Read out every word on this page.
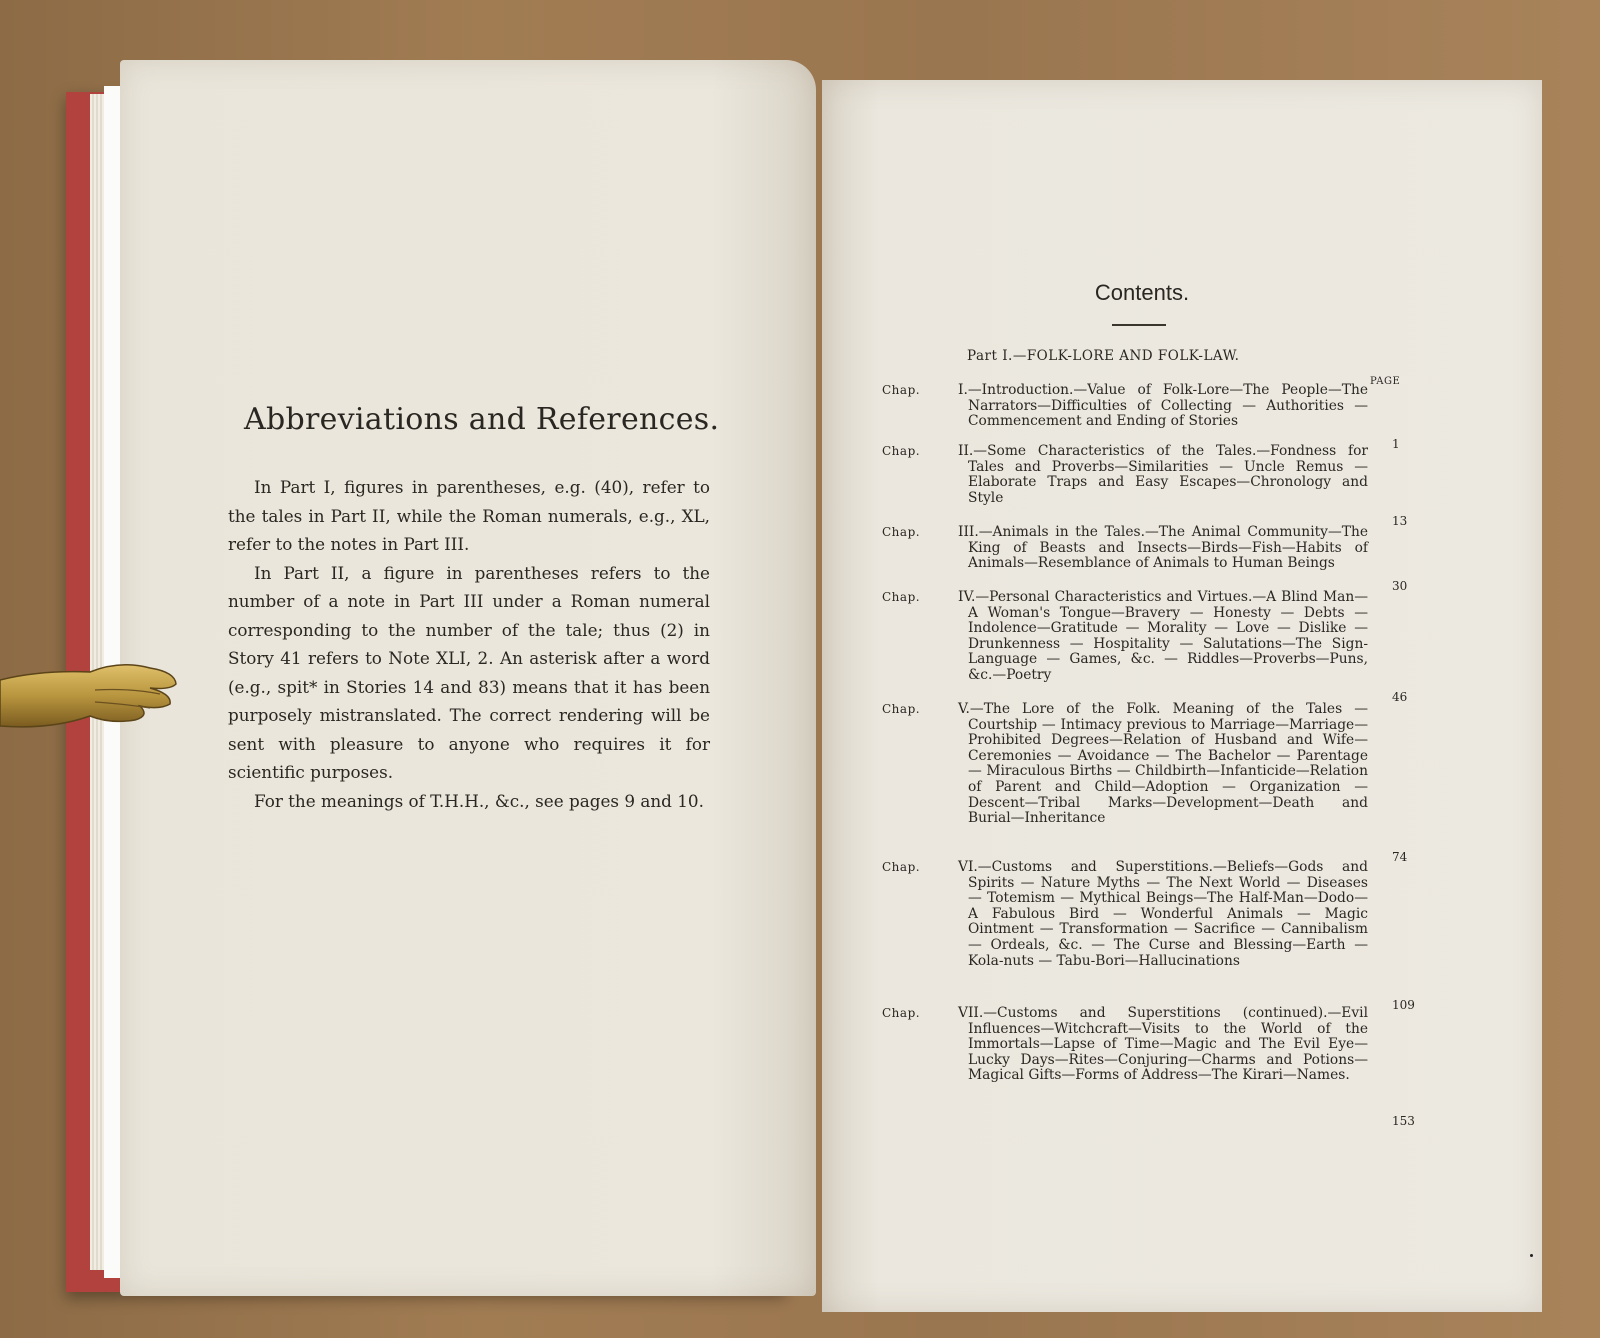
Abbreviations and References.

In Part I, figures in parentheses, e.g. (40), refer to the tales in Part II, while the Roman numerals, e.g., XL, refer to the notes in Part III.

In Part II, a figure in parentheses refers to the number of a note in Part III under a Roman numeral corresponding to the number of the tale; thus (2) in Story 41 refers to Note XLI, 2. An asterisk after a word (e.g., spit* in Stories 14 and 83) means that it has been purposely mistranslated. The correct rendering will be sent with pleasure to anyone who requires it for scientific purposes.

For the meanings of T.H.H., &c., see pages 9 and 10.

Contents.
Part I.—FOLK-LORE AND FOLK-LAW.
PAGE
Chap.	I.—Introduction.—Value of Folk-Lore—The People—The Narrators—Difficulties of Collecting — Authorities — Commencement and Ending of Stories
1
Chap.	II.—Some Characteristics of the Tales.—Fondness for Tales and Proverbs—Similarities — Uncle Remus — Elaborate Traps and Easy Escapes—Chronology and Style
13
Chap.	III.—Animals in the Tales.—The Animal Community—The King of Beasts and Insects—Birds—Fish—Habits of Animals—Resemblance of Animals to Human Beings
30
Chap.	IV.—Personal Characteristics and Virtues.—A Blind Man—A Woman's Tongue—Bravery — Honesty — Debts — Indolence—Gratitude — Morality — Love — Dislike — Drunkenness — Hospitality — Salutations—The Sign-Language — Games, &c. — Riddles—Proverbs—Puns, &c.—Poetry
46
Chap.	V.—The Lore of the Folk. Meaning of the Tales — Courtship — Intimacy previous to Marriage—Marriage—Prohibited Degrees—Relation of Husband and Wife—Ceremonies — Avoidance — The Bachelor — Parentage — Miraculous Births — Childbirth—Infanticide—Relation of Parent and Child—Adoption — Organization — Descent—Tribal Marks—Development—Death and Burial—Inheritance
74
Chap.	VI.—Customs and Superstitions.—Beliefs—Gods and Spirits — Nature Myths — The Next World — Diseases — Totemism — Mythical Beings—The Half-Man—Dodo—A Fabulous Bird — Wonderful Animals — Magic Ointment — Transformation — Sacrifice — Cannibalism — Ordeals, &c. — The Curse and Blessing—Earth — Kola-nuts — Tabu-Bori—Hallucinations
109
Chap.	VII.—Customs and Superstitions (continued).—Evil Influences—Witchcraft—Visits to the World of the Immortals—Lapse of Time—Magic and The Evil Eye—Lucky Days—Rites—Conjuring—Charms and Potions—Magical Gifts—Forms of Address—The Kirari—Names.
153
